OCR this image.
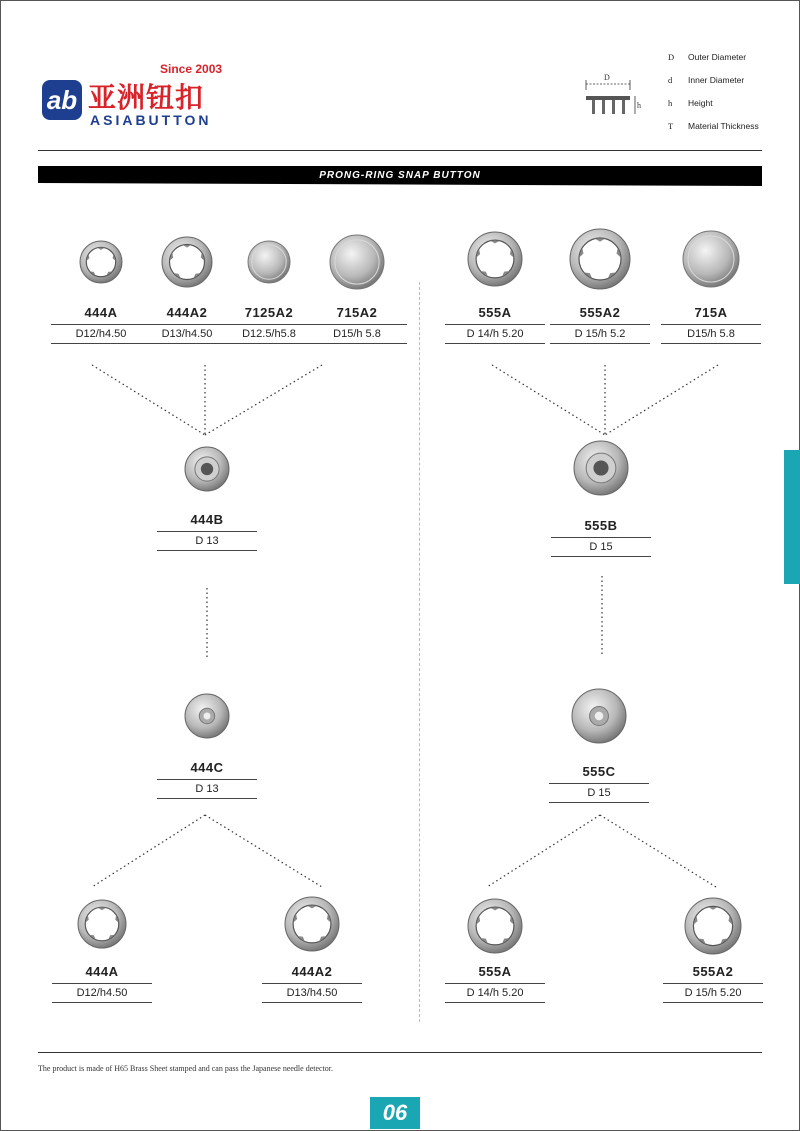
Since 2003
ab 亚洲钮扣
ASIABUTTON
D
h
D	Outer Diameter
d	Inner Diameter
h	Height
T	Material Thickness
PRONG-RING SNAP BUTTON
444A
D12/h4.50
444A2
D13/h4.50
7125A2
D12.5/h5.8
715A2
D15/h 5.8
444B
D 13
444C
D 13
444A
D12/h4.50
444A2
D13/h4.50
555A
D 14/h 5.20
555A2
D 15/h 5.2
715A
D15/h 5.8
555B
D 15
555C
D 15
555A
D 14/h 5.20
555A2
D 15/h 5.20
The product is made of H65 Brass Sheet stamped and can pass the Japanese needle detector.
06
